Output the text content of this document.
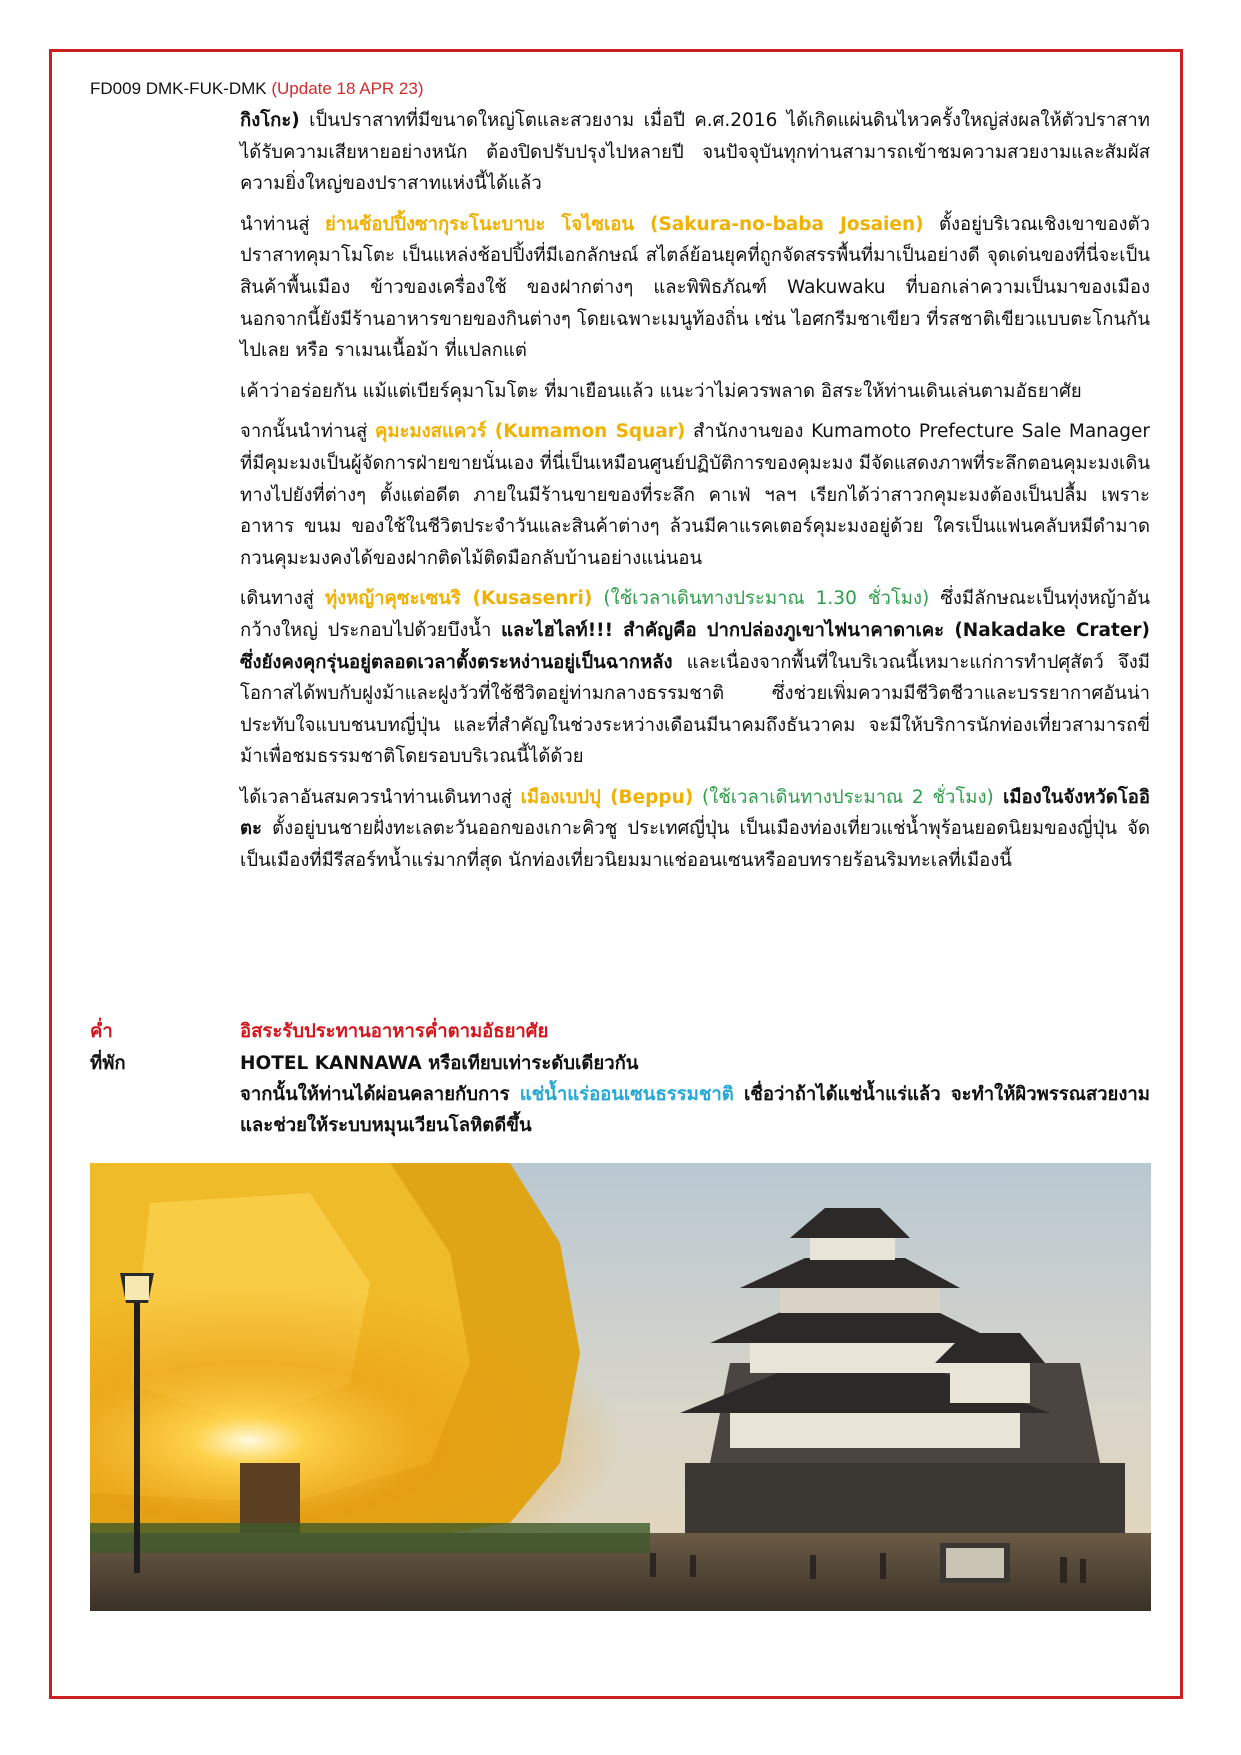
FD009 DMK-FUK-DMK (Update 18 APR 23)

กิงโกะ) เป็นปราสาทที่มีขนาดใหญ่โตและสวยงาม เมื่อปี ค.ศ.2016 ได้เกิดแผ่นดินไหวครั้งใหญ่ส่งผลให้ตัวปราสาทได้รับความเสียหายอย่างหนัก ต้องปิดปรับปรุงไปหลายปี จนปัจจุบันทุกท่านสามารถเข้าชมความสวยงามและสัมผัสความยิ่งใหญ่ของปราสาทแห่งนี้ได้แล้ว

นำท่านสู่ ย่านช้อปปิ้งซากุระโนะบาบะ โจไซเอน (Sakura-no-baba Josaien) ตั้งอยู่บริเวณเชิงเขาของตัวปราสาทคุมาโมโตะ เป็นแหล่งช้อปปิ้งที่มีเอกลักษณ์ สไตล์ย้อนยุคที่ถูกจัดสรรพื้นที่มาเป็นอย่างดี จุดเด่นของที่นี่จะเป็นสินค้าพื้นเมือง ข้าวของเครื่องใช้ ของฝากต่างๆ และพิพิธภัณฑ์ Wakuwaku ที่บอกเล่าความเป็นมาของเมือง นอกจากนี้ยังมีร้านอาหารขายของกินต่างๆ โดยเฉพาะเมนูท้องถิ่น เช่น ไอศกรีมชาเขียว ที่รสชาติเขียวแบบตะโกนกันไปเลย หรือ ราเมนเนื้อม้า ที่แปลกแต่

เค้าว่าอร่อยกัน แม้แต่เบียร์คุมาโมโตะ ที่มาเยือนแล้ว แนะว่าไม่ควรพลาด อิสระให้ท่านเดินเล่นตามอัธยาศัย

จากนั้นนำท่านสู่ คุมะมงสแควร์ (Kumamon Squar) สำนักงานของ Kumamoto Prefecture Sale Manager ที่มีคุมะมงเป็นผู้จัดการฝ่ายขายนั่นเอง ที่นี่เป็นเหมือนศูนย์ปฏิบัติการของคุมะมง มีจัดแสดงภาพที่ระลึกตอนคุมะมงเดินทางไปยังที่ต่างๆ ตั้งแต่อดีต ภายในมีร้านขายของที่ระลึก คาเฟ่ ฯลฯ เรียกได้ว่าสาวกคุมะมงต้องเป็นปลื้ม เพราะอาหาร ขนม ของใช้ในชีวิตประจำวันและสินค้าต่างๆ ล้วนมีคาแรคเตอร์คุมะมงอยู่ด้วย ใครเป็นแฟนคลับหมีดำมาดกวนคุมะมงคงได้ของฝากติดไม้ติดมือกลับบ้านอย่างแน่นอน

เดินทางสู่ ทุ่งหญ้าคุซะเซนริ (Kusasenri) (ใช้เวลาเดินทางประมาณ 1.30 ชั่วโมง) ซึ่งมีลักษณะเป็นทุ่งหญ้าอันกว้างใหญ่ ประกอบไปด้วยบึงน้ำ และไฮไลท์!!! สำคัญคือ ปากปล่องภูเขาไฟนาคาดาเคะ (Nakadake Crater) ซึ่งยังคงคุกรุ่นอยู่ตลอดเวลาตั้งตระหง่านอยู่เป็นฉากหลัง และเนื่องจากพื้นที่ในบริเวณนี้เหมาะแก่การทำปศุสัตว์ จึงมีโอกาสได้พบกับฝูงม้าและฝูงวัวที่ใช้ชีวิตอยู่ท่ามกลางธรรมชาติ ซึ่งช่วยเพิ่มความมีชีวิตชีวาและบรรยากาศอันน่าประทับใจแบบชนบทญี่ปุ่น และที่สำคัญในช่วงระหว่างเดือนมีนาคมถึงธันวาคม จะมีให้บริการนักท่องเที่ยวสามารถขี่ม้าเพื่อชมธรรมชาติโดยรอบบริเวณนี้ได้ด้วย

ได้เวลาอันสมควรนำท่านเดินทางสู่ เมืองเบปปุ (Beppu) (ใช้เวลาเดินทางประมาณ 2 ชั่วโมง) เมืองในจังหวัดโออิตะ ตั้งอยู่บนชายฝั่งทะเลตะวันออกของเกาะคิวชู ประเทศญี่ปุ่น เป็นเมืองท่องเที่ยวแช่น้ำพุร้อนยอดนิยมของญี่ปุ่น จัดเป็นเมืองที่มีรีสอร์ทน้ำแร่มากที่สุด นักท่องเที่ยวนิยมมาแช่ออนเซนหรืออบทรายร้อนริมทะเลที่เมืองนี้

ค่ำ	อิสระรับประทานอาหารค่ำตามอัธยาศัย
ที่พัก	HOTEL KANNAWA หรือเทียบเท่าระดับเดียวกัน
จากนั้นให้ท่านได้ผ่อนคลายกับการ แช่น้ำแร่ออนเซนธรรมชาติ เชื่อว่าถ้าได้แช่น้ำแร่แล้ว จะทำให้ผิวพรรณสวยงามและช่วยให้ระบบหมุนเวียนโลหิตดีขึ้น
